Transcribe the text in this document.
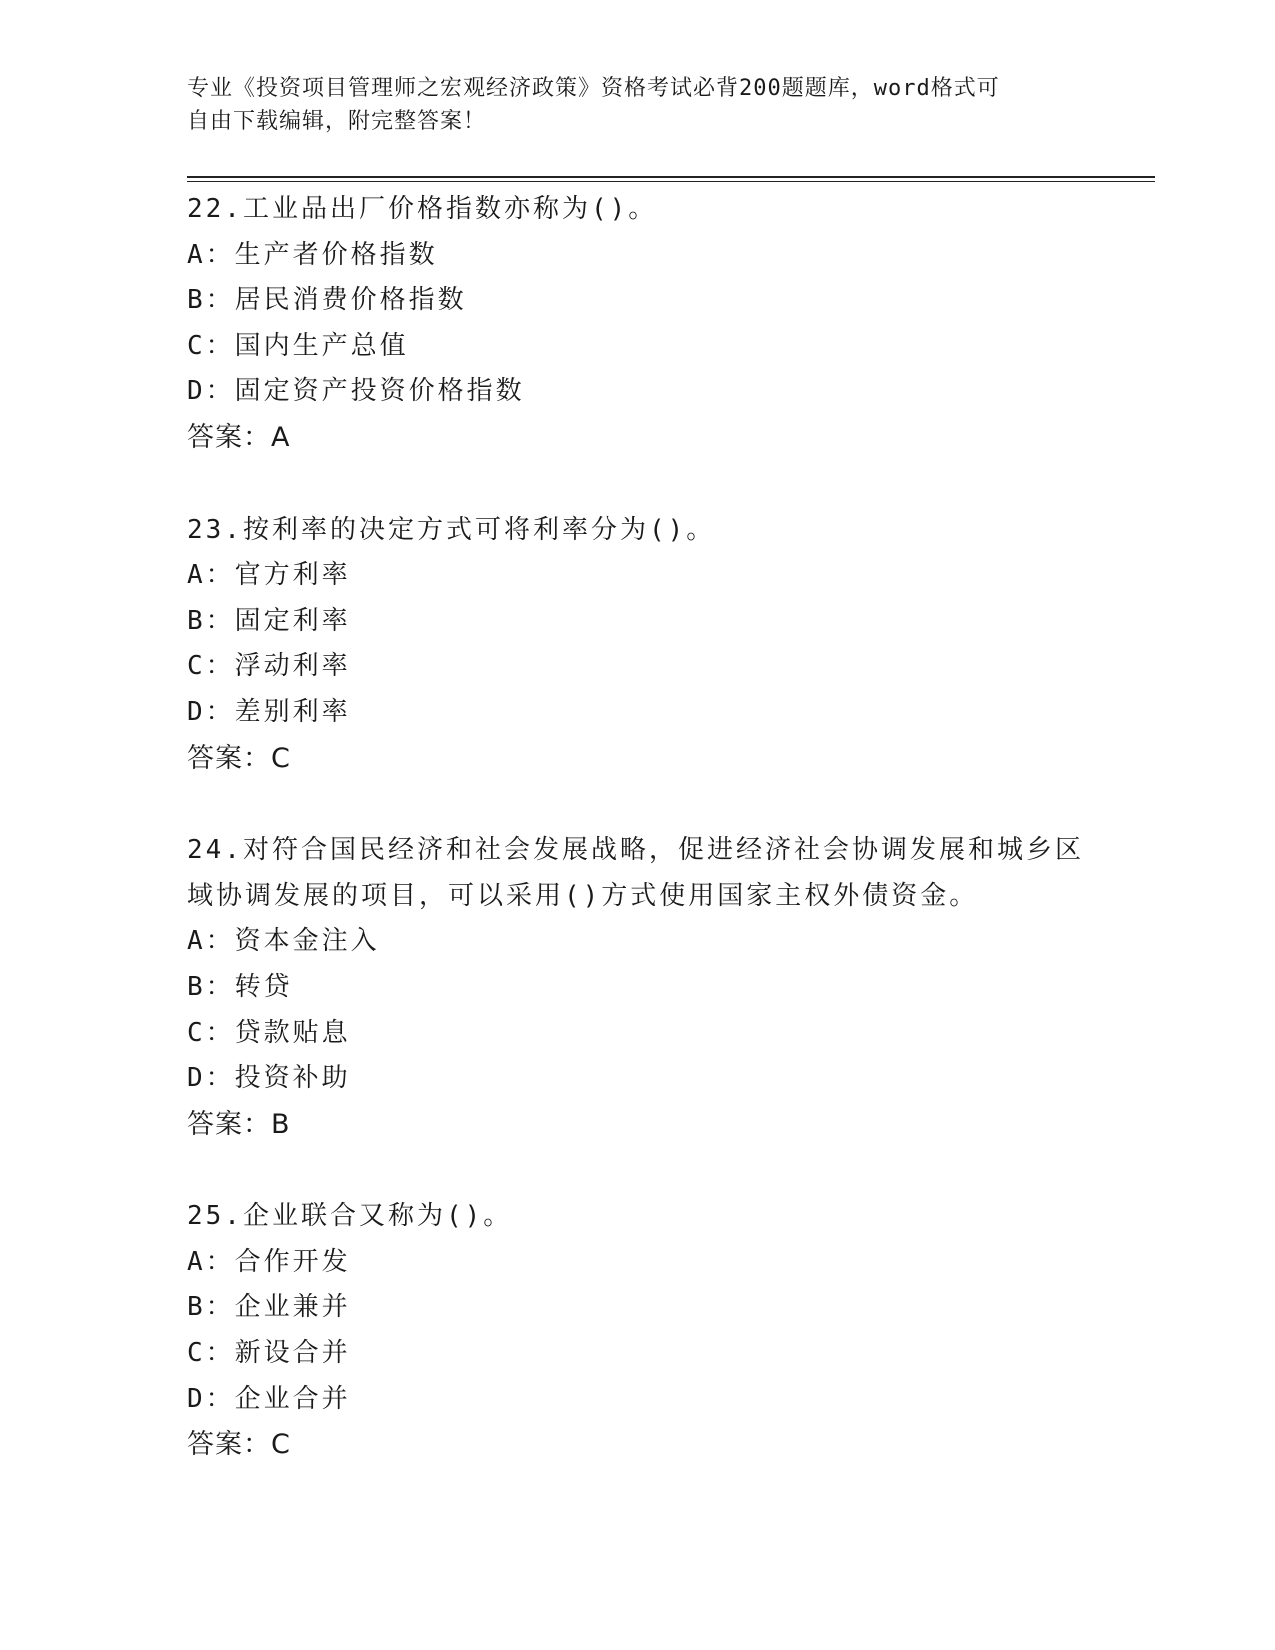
专业《投资项目管理师之宏观经济政策》资格考试必背200题题库，word格式可
自由下载编辑，附完整答案！
22.工业品出厂价格指数亦称为()。
A：生产者价格指数
B：居民消费价格指数
C：国内生产总值
D：固定资产投资价格指数
答案：A
23.按利率的决定方式可将利率分为()。
A：官方利率
B：固定利率
C：浮动利率
D：差别利率
答案：C
24.对符合国民经济和社会发展战略，促进经济社会协调发展和城乡区
域协调发展的项目，可以采用()方式使用国家主权外债资金。
A：资本金注入
B：转贷
C：贷款贴息
D：投资补助
答案：B
25.企业联合又称为()。
A：合作开发
B：企业兼并
C：新设合并
D：企业合并
答案：C
